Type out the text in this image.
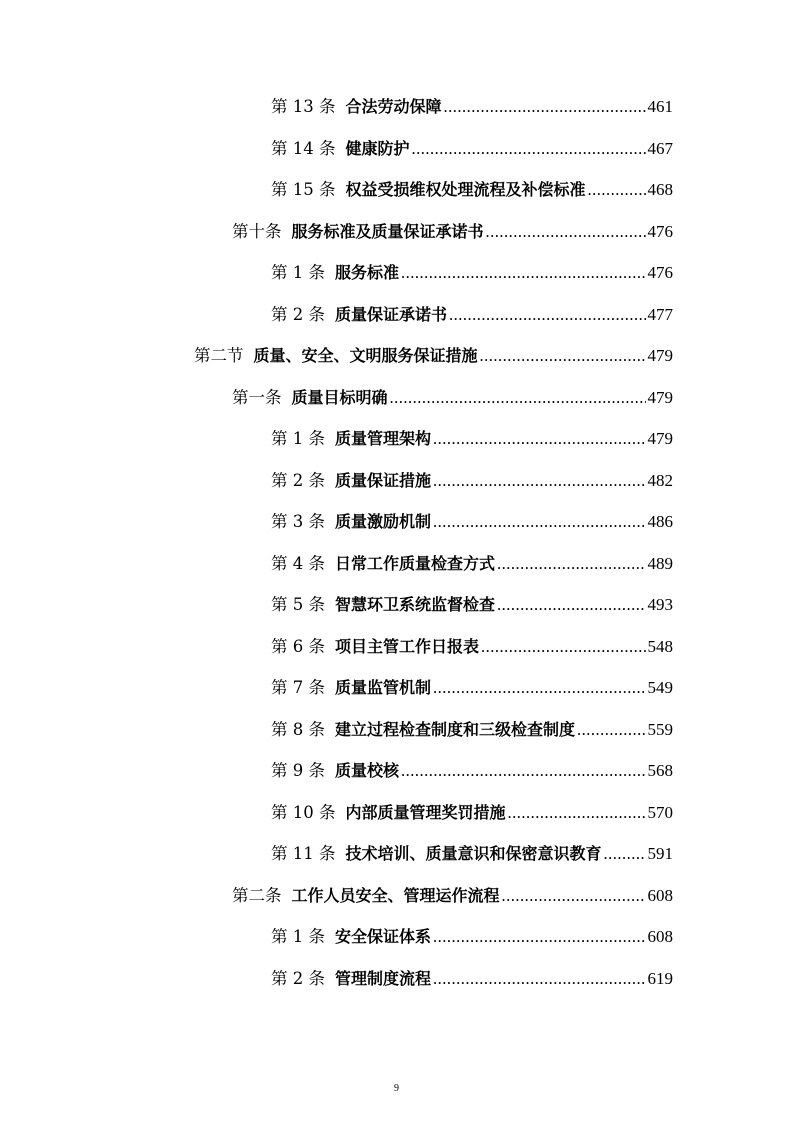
第 13 条 合法劳动保障 .....	461
第 14 条 健康防护 .....	467
第 15 条 权益受损维权处理流程及补偿标准 .....	468
第十条 服务标准及质量保证承诺书 .....	476
第 1 条 服务标准 .....	476
第 2 条 质量保证承诺书 .....	477
第二节 质量、安全、文明服务保证措施 .....	479
第一条 质量目标明确 .....	479
第 1 条 质量管理架构 .....	479
第 2 条 质量保证措施 .....	482
第 3 条 质量激励机制 .....	486
第 4 条 日常工作质量检查方式 .....	489
第 5 条 智慧环卫系统监督检查 .....	493
第 6 条 项目主管工作日报表 .....	548
第 7 条 质量监管机制 .....	549
第 8 条 建立过程检查制度和三级检查制度 .....	559
第 9 条 质量校核 .....	568
第 10 条 内部质量管理奖罚措施 .....	570
第 11 条 技术培训、质量意识和保密意识教育 .....	591
第二条 工作人员安全、管理运作流程 .....	608
第 1 条 安全保证体系 .....	608
第 2 条 管理制度流程 .....	619
9
